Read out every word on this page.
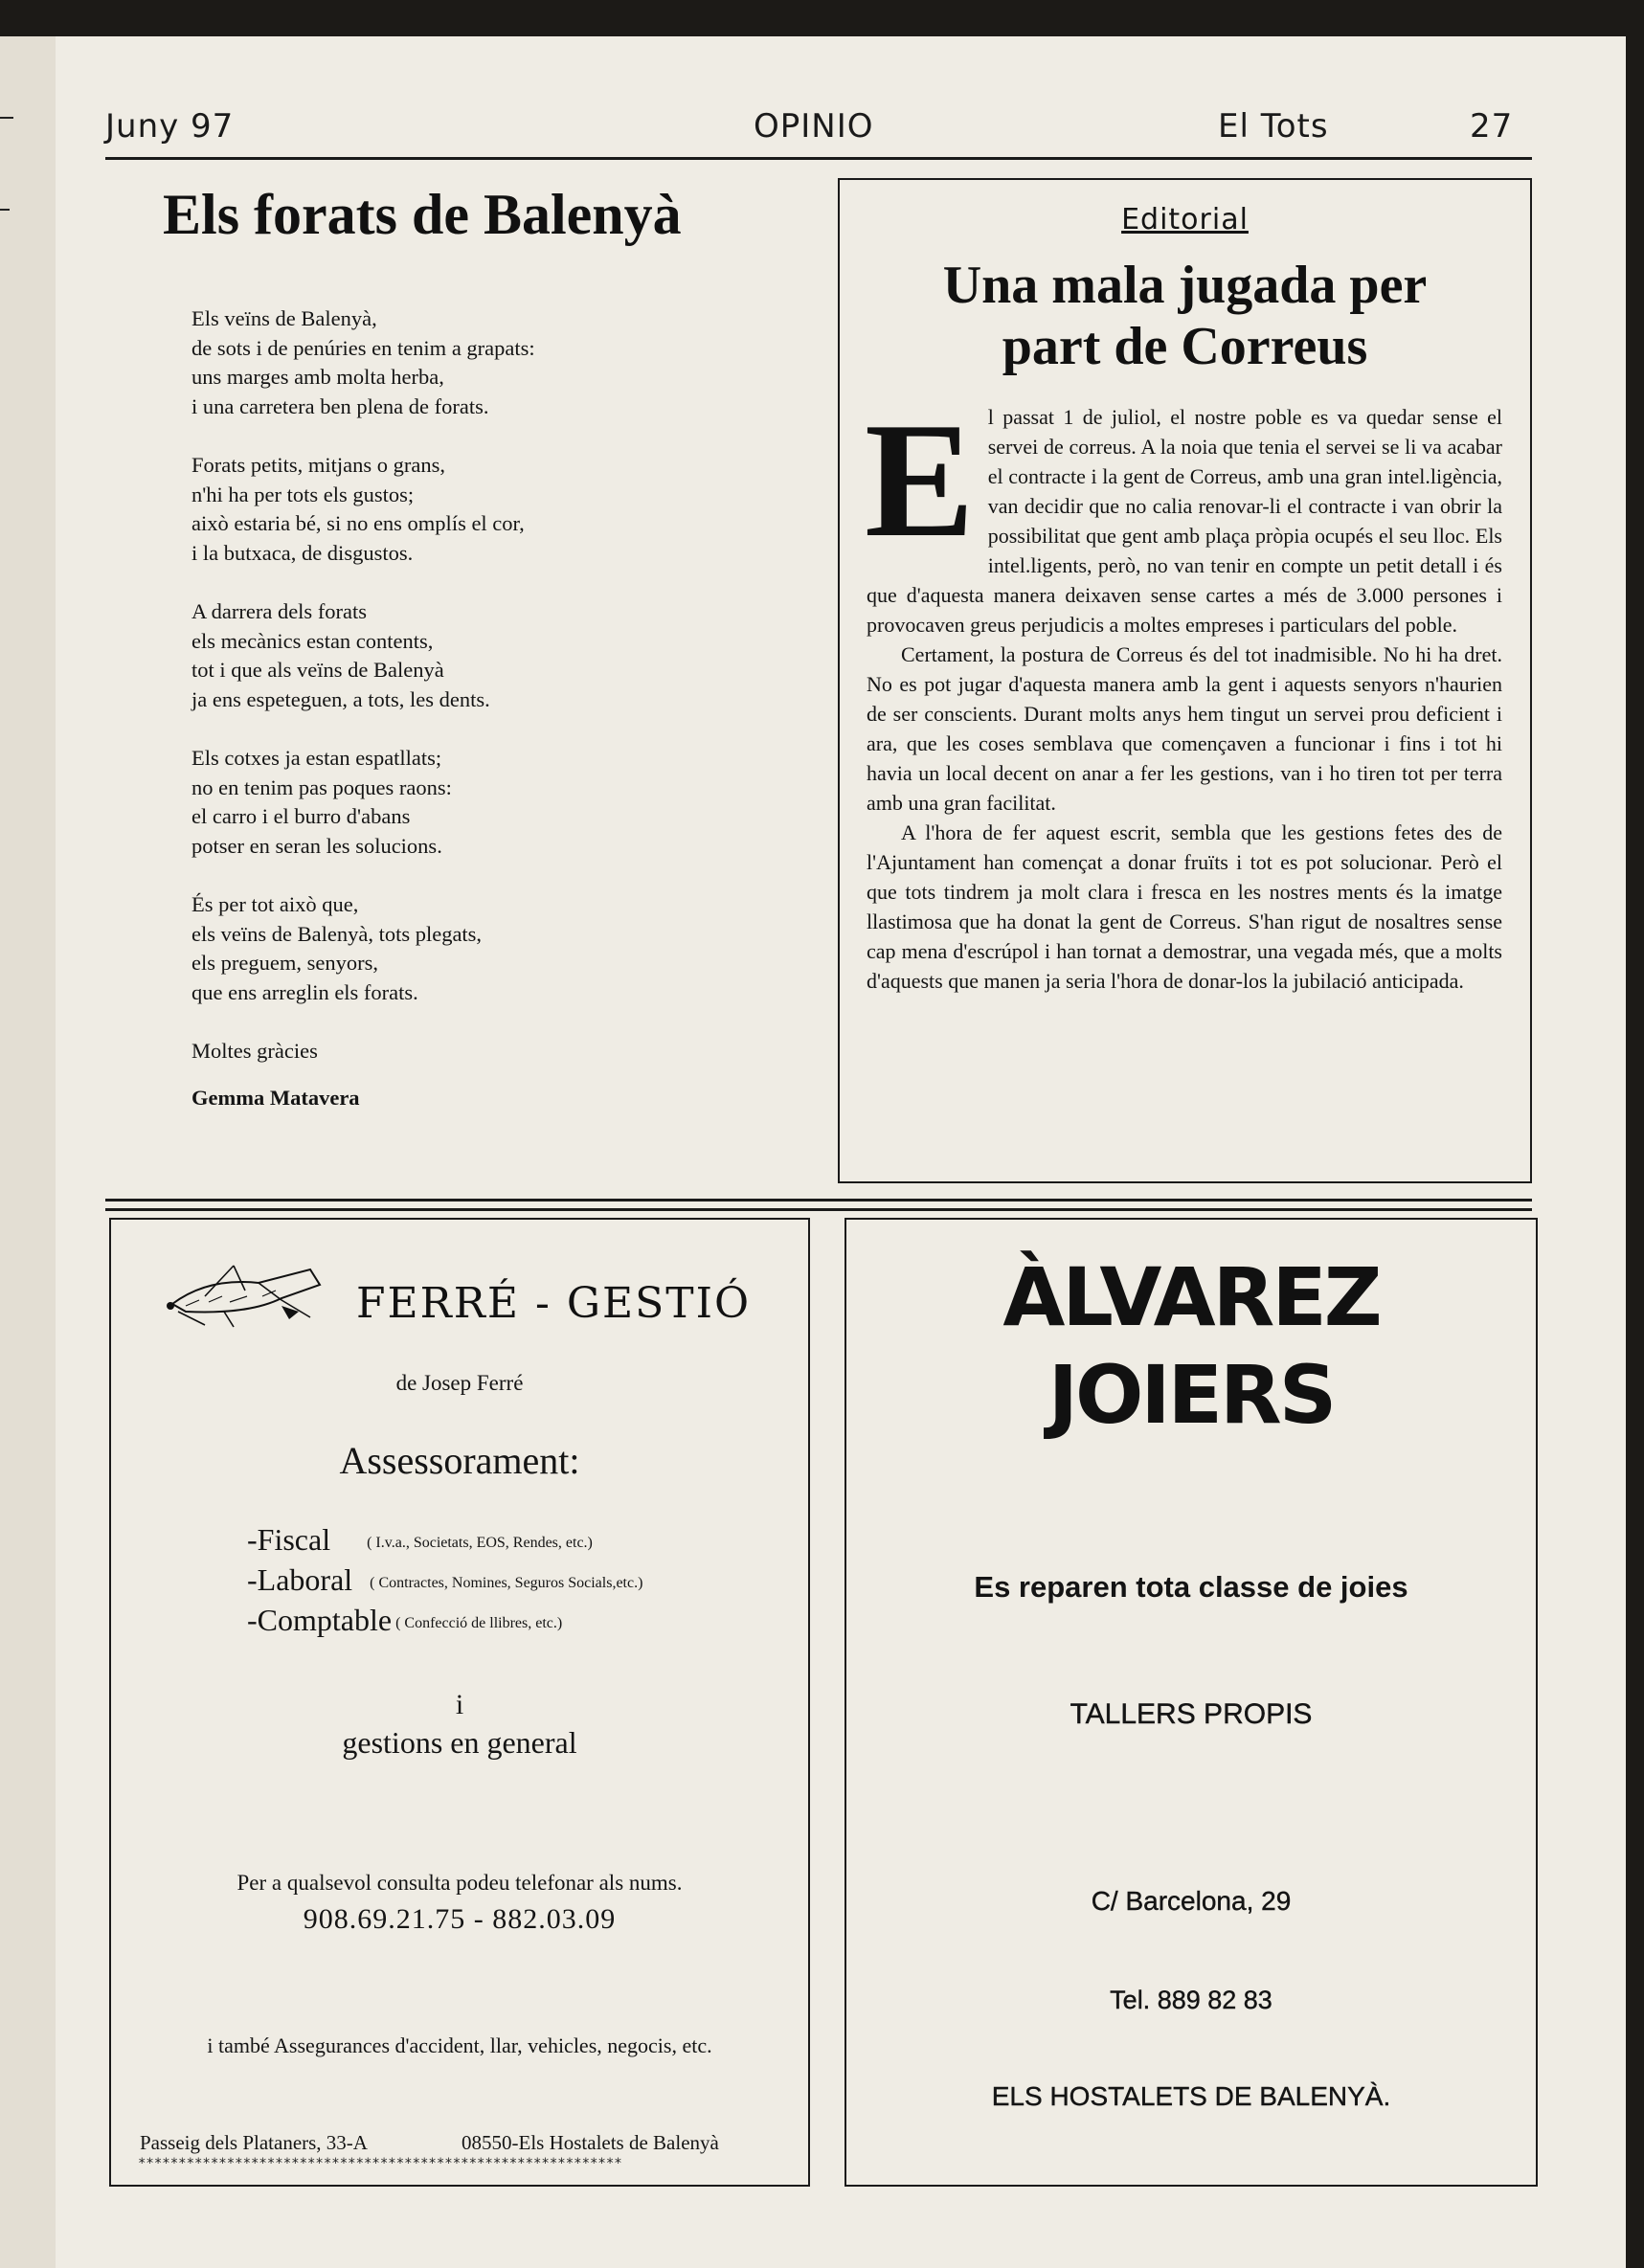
Juny 97	OPINIO	El Tots	27
Els forats de Balenyà
Els veïns de Balenyà,
de sots i de penúries en tenim a grapats:
uns marges amb molta herba,
i una carretera ben plena de forats.
Forats petits, mitjans o grans,
n'hi ha per tots els gustos;
això estaria bé, si no ens omplís el cor,
i la butxaca, de disgustos.
A darrera dels forats
els mecànics estan contents,
tot i que als veïns de Balenyà
ja ens espeteguen, a tots, les dents.
Els cotxes ja estan espatllats;
no en tenim pas poques raons:
el carro i el burro d'abans
potser en seran les solucions.
És per tot això que,
els veïns de Balenyà, tots plegats,
els preguem, senyors,
que ens arreglin els forats.
Moltes gràcies
Gemma Matavera
Editorial
Una mala jugada per
part de Correus

El passat 1 de juliol, el nostre poble es va quedar sense el servei de correus. A la noia que tenia el servei se li va acabar el contracte i la gent de Correus, amb una gran intel.ligència, van decidir que no calia renovar-li el contracte i van obrir la possibilitat que gent amb plaça pròpia ocupés el seu lloc. Els intel.ligents, però, no van tenir en compte un petit detall i és que d'aquesta manera deixaven sense cartes a més de 3.000 persones i provocaven greus perjudicis a moltes empreses i particulars del poble.

Certament, la postura de Correus és del tot inadmisible. No hi ha dret. No es pot jugar d'aquesta manera amb la gent i aquests senyors n'haurien de ser conscients. Durant molts anys hem tingut un servei prou deficient i ara, que les coses semblava que començaven a funcionar i fins i tot hi havia un local decent on anar a fer les gestions, van i ho tiren tot per terra amb una gran facilitat.

A l'hora de fer aquest escrit, sembla que les gestions fetes des de l'Ajuntament han començat a donar fruïts i tot es pot solucionar. Però el que tots tindrem ja molt clara i fresca en les nostres ments és la imatge llastimosa que ha donat la gent de Correus. S'han rigut de nosaltres sense cap mena d'escrúpol i han tornat a demostrar, una vegada més, que a molts d'aquests que manen ja seria l'hora de donar-los la jubilació anticipada.

FERRÉ - GESTIÓ
de Josep Ferré
Assessorament:
-Fiscal ( I.v.a., Societats, EOS, Rendes, etc.)
-Laboral ( Contractes, Nomines, Seguros Socials,etc.)
-Comptable ( Confecció de llibres, etc.)
i
gestions en general
Per a qualsevol consulta podeu telefonar als nums.
908.69.21.75 - 882.03.09
i també Assegurances d'accident, llar, vehicles, negocis, etc.
Passeig dels Plataners, 33-A	08550-Els Hostalets de Balenyà
************************************************************
ÀLVAREZ
JOIERS
Es reparen tota classe de joies
TALLERS PROPIS
C/ Barcelona, 29
Tel. 889 82 83
ELS HOSTALETS DE BALENYÀ.
